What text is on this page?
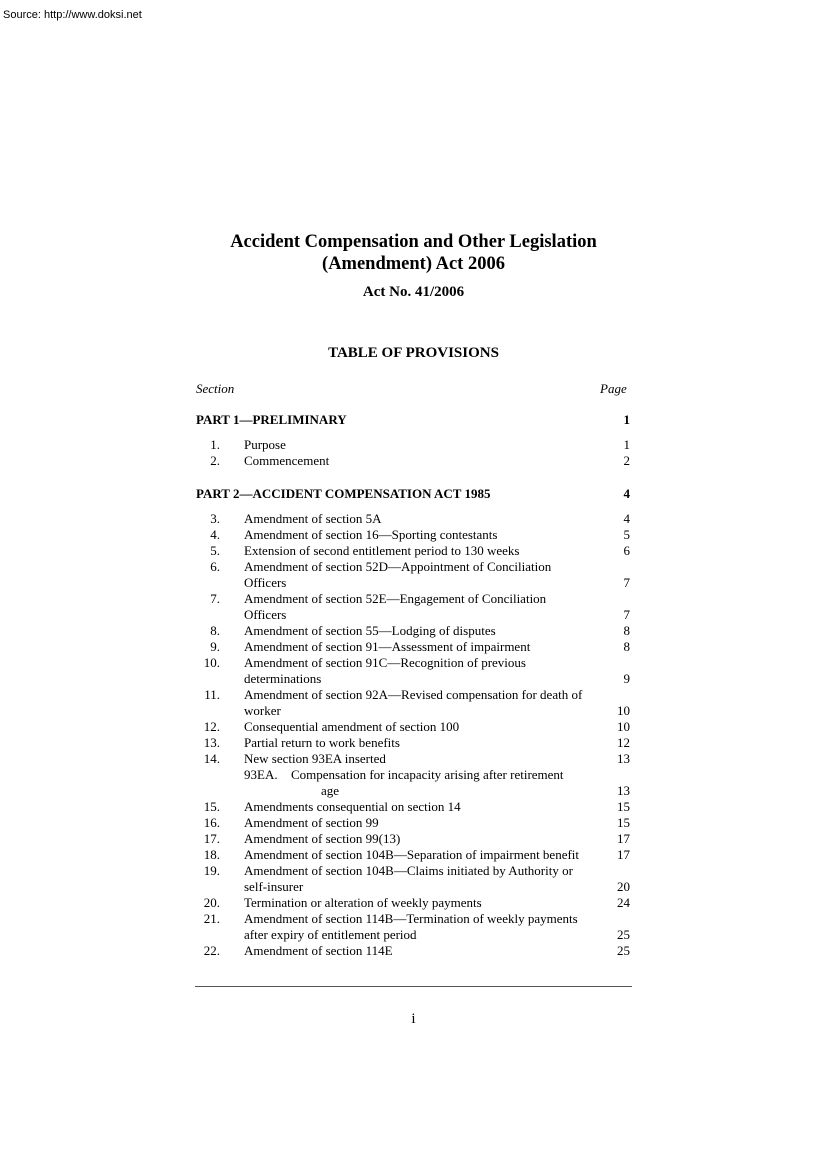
Source: http://www.doksi.net
Accident Compensation and Other Legislation
(Amendment) Act 2006
Act No. 41/2006
TABLE OF PROVISIONS
Section	Page
PART 1—PRELIMINARY	1
1. Purpose	1
2. Commencement	2
PART 2—ACCIDENT COMPENSATION ACT 1985	4
3. Amendment of section 5A	4
4. Amendment of section 16—Sporting contestants	5
5. Extension of second entitlement period to 130 weeks	6
6. Amendment of section 52D—Appointment of Conciliation Officers	7
7. Amendment of section 52E—Engagement of Conciliation Officers	7
8. Amendment of section 55—Lodging of disputes	8
9. Amendment of section 91—Assessment of impairment	8
10. Amendment of section 91C—Recognition of previous determinations	9
11. Amendment of section 92A—Revised compensation for death of worker	10
12. Consequential amendment of section 100	10
13. Partial return to work benefits	12
14. New section 93EA inserted	13
93EA. Compensation for incapacity arising after retirement
age	13
15. Amendments consequential on section 14	15
16. Amendment of section 99	15
17. Amendment of section 99(13)	17
18. Amendment of section 104B—Separation of impairment benefit	17
19. Amendment of section 104B—Claims initiated by Authority or self-insurer	20
20. Termination or alteration of weekly payments	24
21. Amendment of section 114B—Termination of weekly payments after expiry of entitlement period	25
22. Amendment of section 114E	25
i
